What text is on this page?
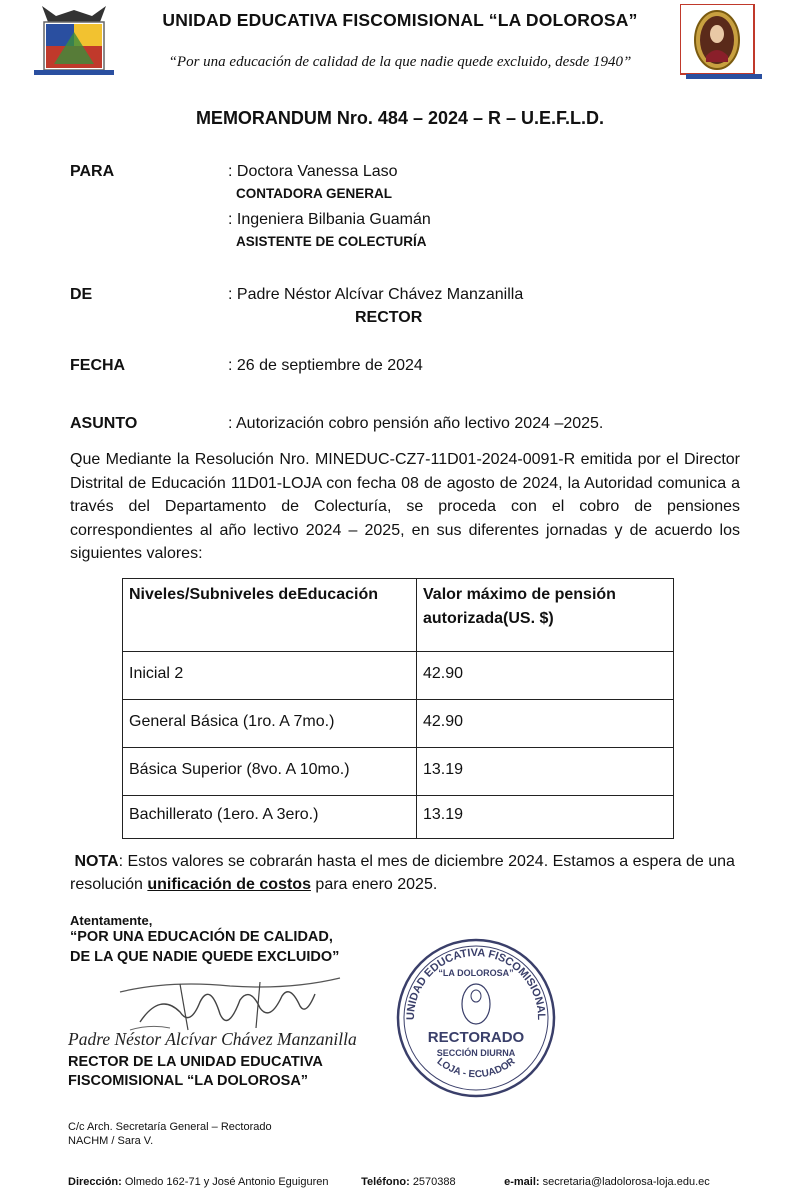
UNIDAD EDUCATIVA FISCOMISIONAL “LA DOLOROSA”
“Por una educación de calidad de la que nadie quede excluido, desde 1940”
MEMORANDUM Nro. 484 – 2024 – R – U.E.F.L.D.
PARA	: Doctora Vanessa Laso
CONTADORA GENERAL
: Ingeniera Bilbania Guamán
ASISTENTE DE COLECTURÍA
DE	: Padre Néstor Alcívar Chávez Manzanilla
RECTOR
FECHA	: 26 de septiembre de 2024
ASUNTO	: Autorización cobro pensión año lectivo 2024 –2025.
Que Mediante la Resolución Nro. MINEDUC-CZ7-11D01-2024-0091-R emitida por el Director Distrital de Educación 11D01-LOJA con fecha 08 de agosto de 2024, la Autoridad comunica a través del Departamento de Colecturía, se proceda con el cobro de pensiones correspondientes al año lectivo 2024 – 2025, en sus diferentes jornadas y de acuerdo los siguientes valores:
Niveles/Subniveles deEducación	Valor máximo de pensión autorizada(US. $)
Inicial 2	42.90
General Básica (1ro. A 7mo.)	42.90
Básica Superior (8vo. A 10mo.)	13.19
Bachillerato (1ero. A 3ero.)	13.19
NOTA: Estos valores se cobrarán hasta el mes de diciembre 2024. Estamos a espera de una resolución unificación de costos para enero 2025.
Atentamente,
“POR UNA EDUCACIÓN DE CALIDAD,
DE LA QUE NADIE QUEDE EXCLUIDO”
Padre Néstor Alcívar Chávez Manzanilla
RECTOR DE LA UNIDAD EDUCATIVA
FISCOMISIONAL “LA DOLOROSA”
UNIDAD EDUCATIVA FISCOMISIONAL
“LA DOLOROSA”
RECTORADO
SECCIÓN DIURNA
LOJA - ECUADOR
C/c Arch. Secretaría General – Rectorado
NACHM / Sara V.
Dirección: Olmedo 162-71 y José Antonio Eguiguren	Teléfono: 2570388	e-mail: secretaria@ladolorosa-loja.edu.ec
